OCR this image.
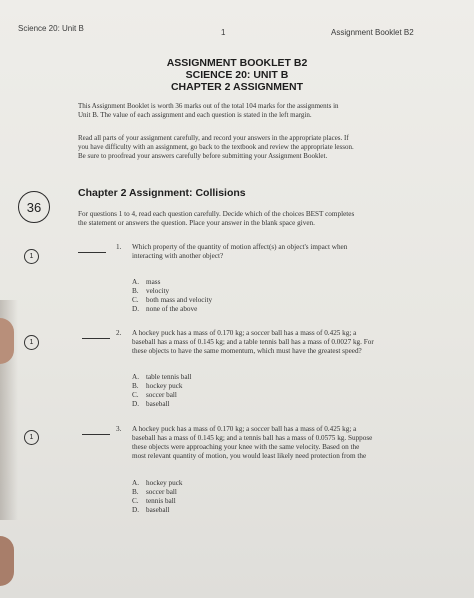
Science 20: Unit B	1	Assignment Booklet B2
ASSIGNMENT BOOKLET B2
SCIENCE 20: UNIT B
CHAPTER 2 ASSIGNMENT
This Assignment Booklet is worth 36 marks out of the total 104 marks for the assignments in
Unit B. The value of each assignment and each question is stated in the left margin.
Read all parts of your assignment carefully, and record your answers in the appropriate places. If
you have difficulty with an assignment, go back to the textbook and review the appropriate lesson.
Be sure to proofread your answers carefully before submitting your Assignment Booklet.
36
Chapter 2 Assignment: Collisions
For questions 1 to 4, read each question carefully. Decide which of the choices BEST completes
the statement or answers the question. Place your answer in the blank space given.
1
1. Which property of the quantity of motion affect(s) an object's impact when
interacting with another object?
A. mass
B. velocity
C. both mass and velocity
D. none of the above
1
2. A hockey puck has a mass of 0.170 kg; a soccer ball has a mass of 0.425 kg; a
baseball has a mass of 0.145 kg; and a table tennis ball has a mass of 0.0027 kg. For
these objects to have the same momentum, which must have the greatest speed?
A. table tennis ball
B. hockey puck
C. soccer ball
D. baseball
1
3. A hockey puck has a mass of 0.170 kg; a soccer ball has a mass of 0.425 kg; a
baseball has a mass of 0.145 kg; and a tennis ball has a mass of 0.0575 kg. Suppose
these objects were approaching your knee with the same velocity. Based on the
most relevant quantity of motion, you would least likely need protection from the
A. hockey puck
B. soccer ball
C. tennis ball
D. baseball
